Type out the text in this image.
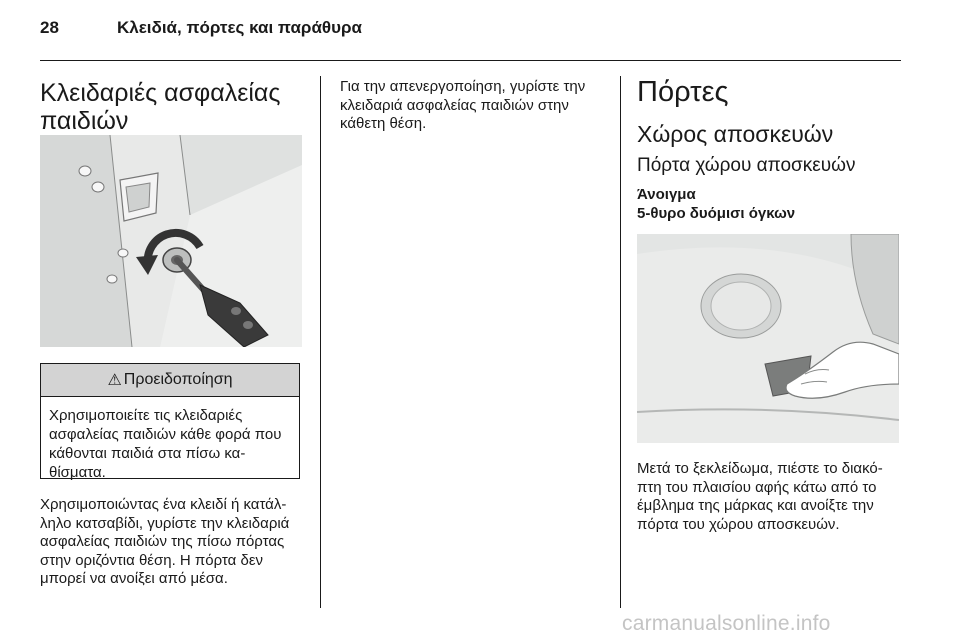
28	Κλειδιά, πόρτες και παράθυρα
Κλειδαριές ασφαλείας παιδιών
⚠ Προειδοποίηση
Χρησιμοποιείτε τις κλειδαριές ασφαλείας παιδιών κάθε φορά που κάθονται παιδιά στα πίσω κα-θίσματα.
Χρησιμοποιώντας ένα κλειδί ή κατάλ-ληλο κατσαβίδι, γυρίστε την κλειδαριά ασφαλείας παιδιών της πίσω πόρτας στην οριζόντια θέση. Η πόρτα δεν μπορεί να ανοίξει από μέσα.
Για την απενεργοποίηση, γυρίστε την κλειδαριά ασφαλείας παιδιών στην κάθετη θέση.
Πόρτες
Χώρος αποσκευών
Πόρτα χώρου αποσκευών
Άνοιγμα
5-θυρο δυόμισι όγκων
Μετά το ξεκλείδωμα, πιέστε το διακό-πτη του πλαισίου αφής κάτω από το έμβλημα της μάρκας και ανοίξτε την πόρτα του χώρου αποσκευών.
carmanualsonline.info
